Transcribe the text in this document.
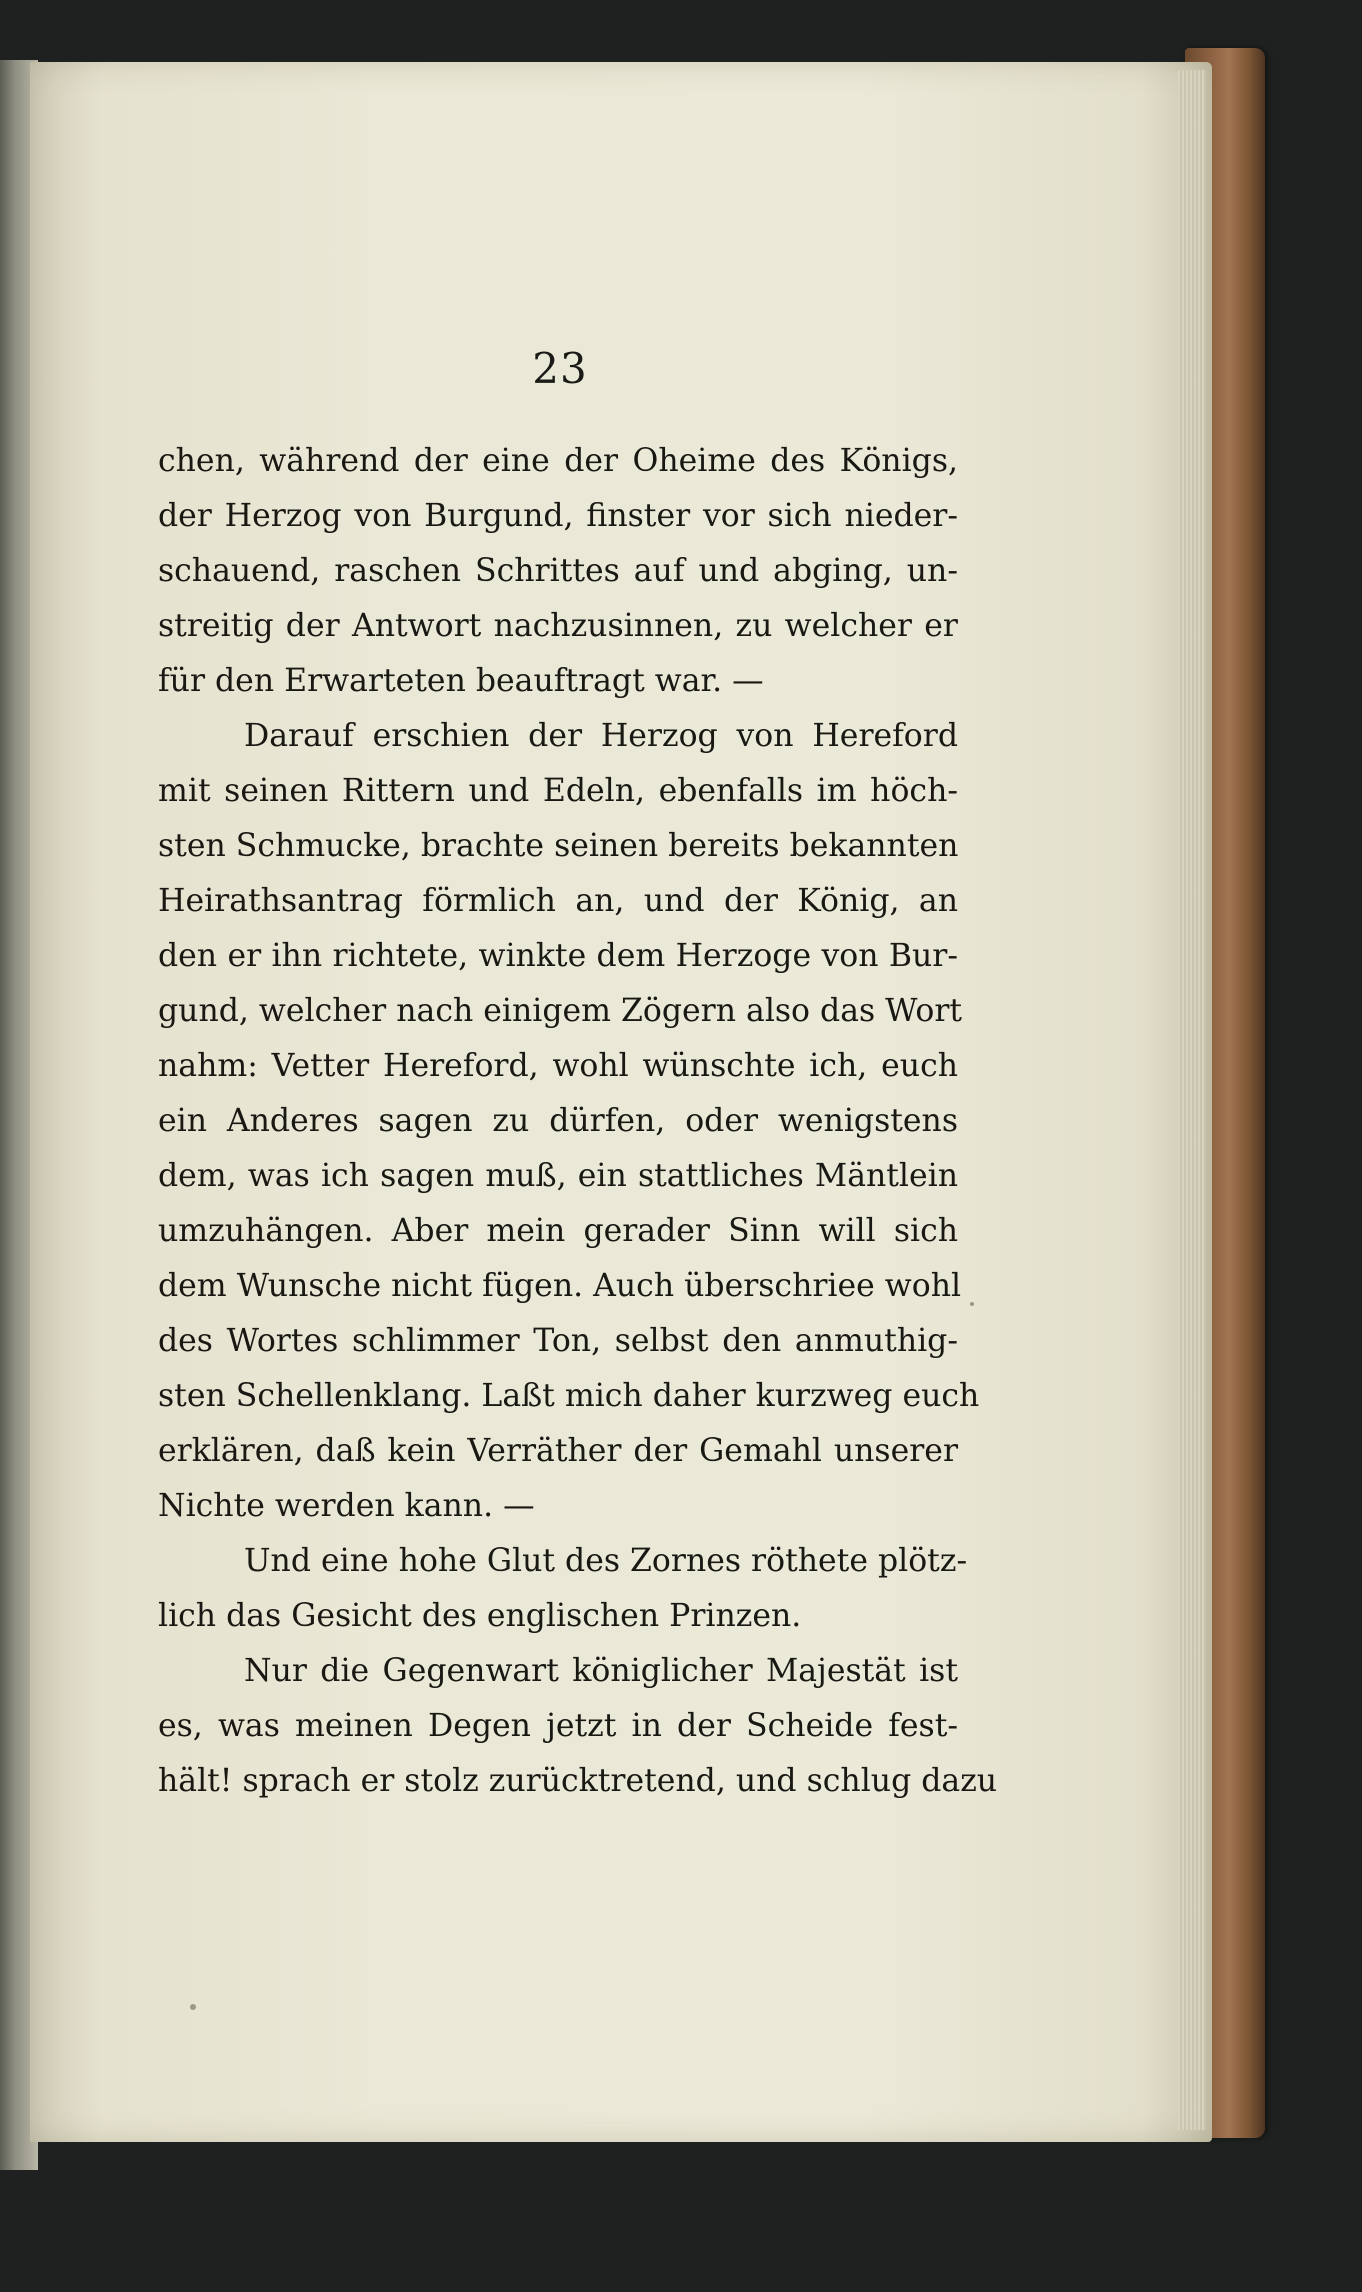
23
chen, während der eine der Oheime des Königs,
der Herzog von Burgund, finster vor sich nieder-
schauend, raschen Schrittes auf und abging, un-
streitig der Antwort nachzusinnen, zu welcher er
für den Erwarteten beauftragt war. —
Darauf erschien der Herzog von Hereford
mit seinen Rittern und Edeln, ebenfalls im höch-
sten Schmucke, brachte seinen bereits bekannten
Heirathsantrag förmlich an, und der König, an
den er ihn richtete, winkte dem Herzoge von Bur-
gund, welcher nach einigem Zögern also das Wort
nahm: Vetter Hereford, wohl wünschte ich, euch
ein Anderes sagen zu dürfen, oder wenigstens
dem, was ich sagen muß, ein stattliches Mäntlein
umzuhängen. Aber mein gerader Sinn will sich
dem Wunsche nicht fügen. Auch überschriee wohl
des Wortes schlimmer Ton, selbst den anmuthig-
sten Schellenklang. Laßt mich daher kurzweg euch
erklären, daß kein Verräther der Gemahl unserer
Nichte werden kann. —
Und eine hohe Glut des Zornes röthete plötz-
lich das Gesicht des englischen Prinzen.
Nur die Gegenwart königlicher Majestät ist
es, was meinen Degen jetzt in der Scheide fest-
hält! sprach er stolz zurücktretend, und schlug dazu
